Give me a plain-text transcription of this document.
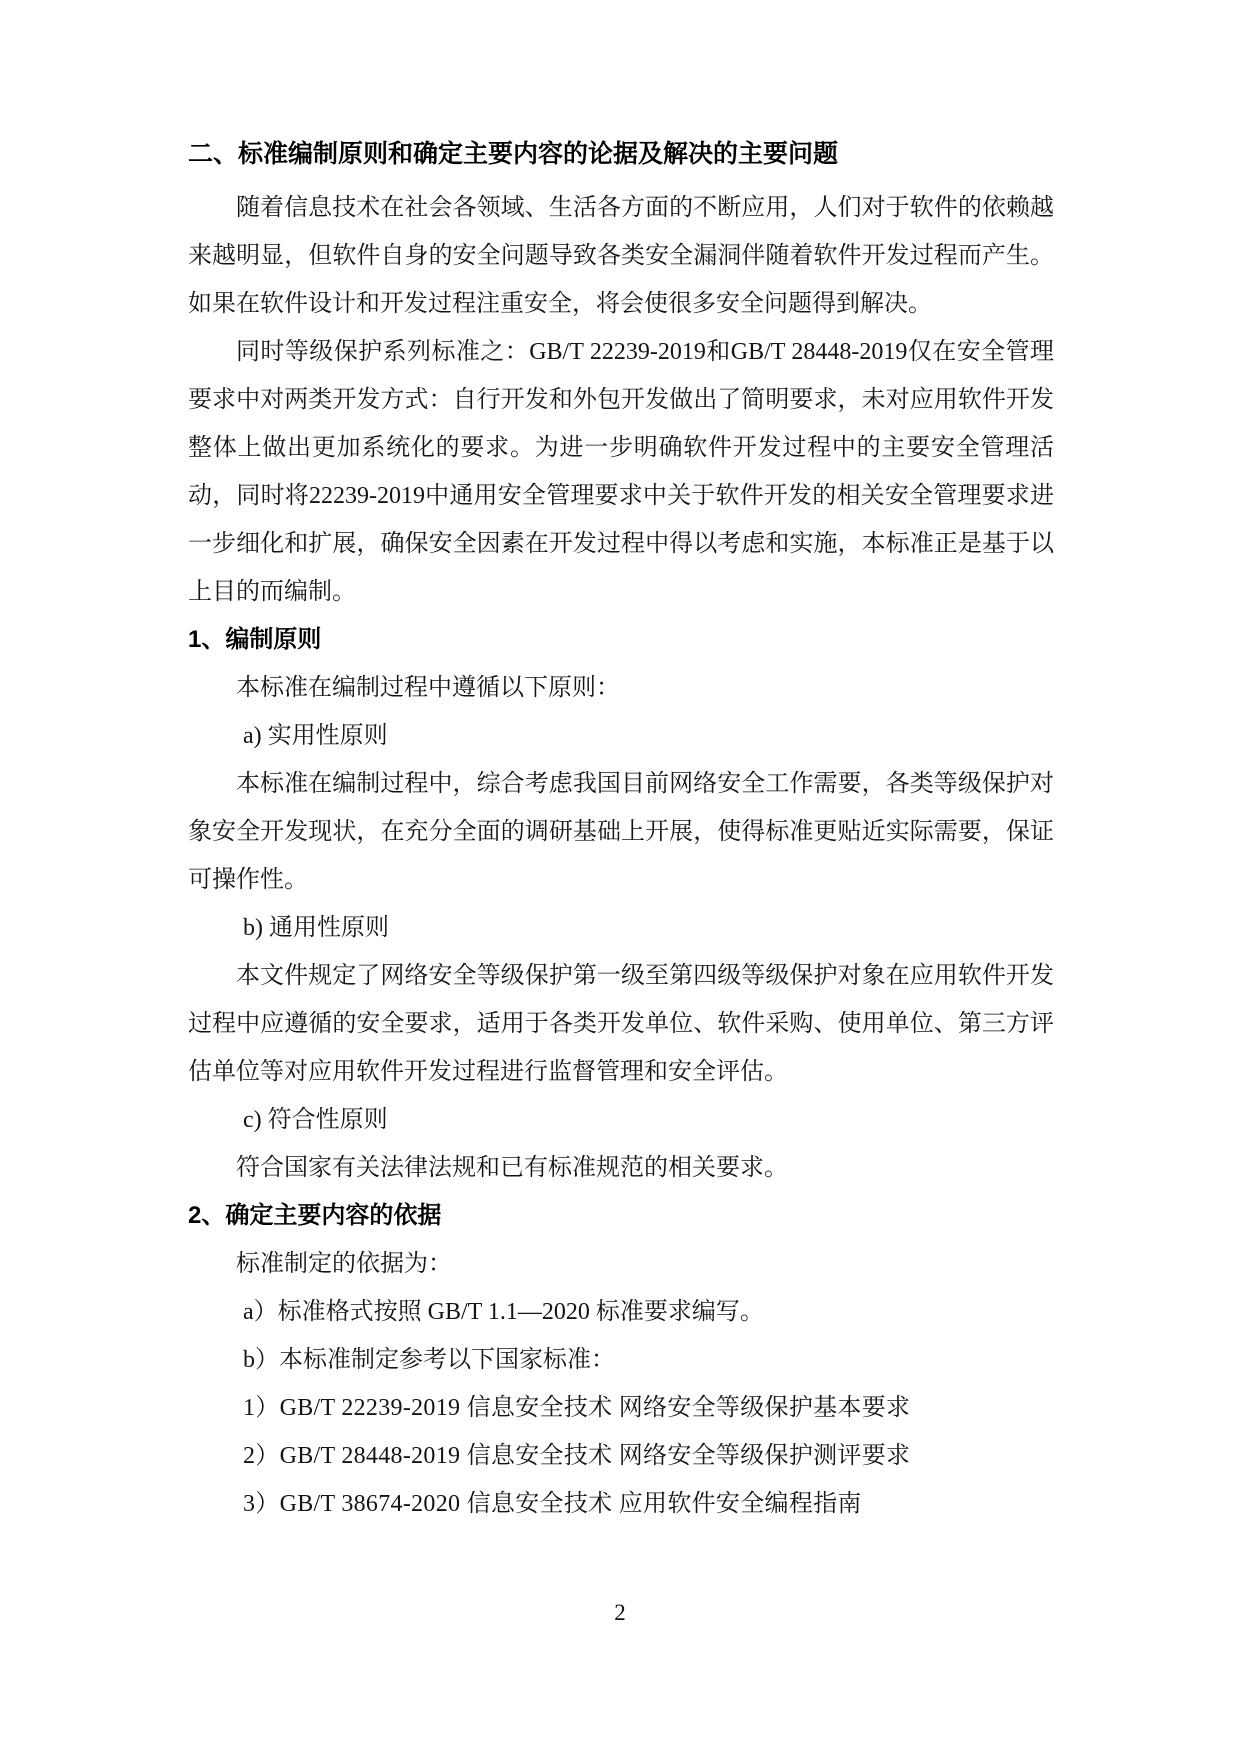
二、标准编制原则和确定主要内容的论据及解决的主要问题

随着信息技术在社会各领域、生活各方面的不断应用，人们对于软件的依赖越来越明显，但软件自身的安全问题导致各类安全漏洞伴随着软件开发过程而产生。如果在软件设计和开发过程注重安全，将会使很多安全问题得到解决。

同时等级保护系列标准之：GB/T 22239-2019和GB/T 28448-2019仅在安全管理要求中对两类开发方式：自行开发和外包开发做出了简明要求，未对应用软件开发整体上做出更加系统化的要求。为进一步明确软件开发过程中的主要安全管理活动，同时将22239-2019中通用安全管理要求中关于软件开发的相关安全管理要求进一步细化和扩展，确保安全因素在开发过程中得以考虑和实施，本标准正是基于以上目的而编制。

1、编制原则

本标准在编制过程中遵循以下原则：

a) 实用性原则

本标准在编制过程中，综合考虑我国目前网络安全工作需要，各类等级保护对象安全开发现状，在充分全面的调研基础上开展，使得标准更贴近实际需要，保证可操作性。

b) 通用性原则

本文件规定了网络安全等级保护第一级至第四级等级保护对象在应用软件开发过程中应遵循的安全要求，适用于各类开发单位、软件采购、使用单位、第三方评估单位等对应用软件开发过程进行监督管理和安全评估。

c) 符合性原则

符合国家有关法律法规和已有标准规范的相关要求。

2、确定主要内容的依据

标准制定的依据为：

a）标准格式按照 GB/T 1.1—2020 标准要求编写。

b）本标准制定参考以下国家标准：

1）GB/T 22239-2019 信息安全技术 网络安全等级保护基本要求

2）GB/T 28448-2019 信息安全技术 网络安全等级保护测评要求

3）GB/T 38674-2020 信息安全技术 应用软件安全编程指南

2
